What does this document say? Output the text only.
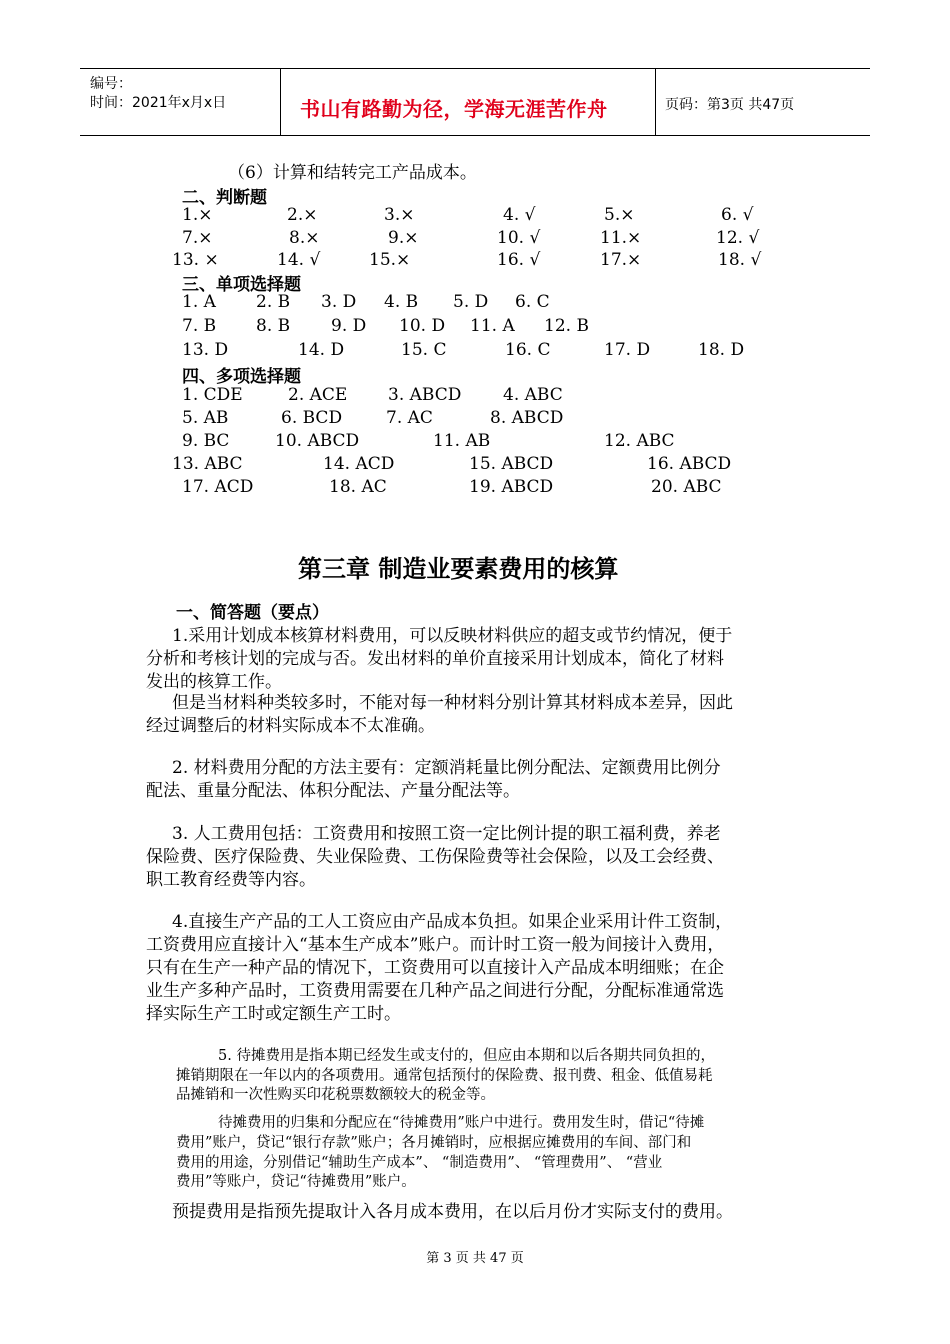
编号：
时间：2021年x月x日	书山有路勤为径，学海无涯苦作舟	页码：第3页 共47页
（6）计算和结转完工产品成本。
二、判断题
1.×	2.×	3.×	4. √	5.×	6. √
7.×	8.×	9.×	10. √	11.×	12. √
13. ×	14. √	15.×	16. √	17.×	18. √
三、单项选择题
1. A 2. B 3. D 4. B 5. D 6. C
7. B 8. B 9. D 10. D 11. A 12. B
13. D	14. D	15. C	16. C	17. D	18. D
四、多项选择题
1. CDE	2. ACE 3. ABCD 4. ABC
5. AB	6. BCD	7. AC	8. ABCD
9. BC	10. ABCD	11. AB	12. ABC
13. ABC	14. ACD	15. ABCD	16. ABCD
17. ACD	18. AC	19. ABCD	20. ABC
第三章 制造业要素费用的核算
一、简答题（要点）
1.采用计划成本核算材料费用，可以反映材料供应的超支或节约情况，便于
分析和考核计划的完成与否。发出材料的单价直接采用计划成本，简化了材料
发出的核算工作。
但是当材料种类较多时，不能对每一种材料分别计算其材料成本差异，因此
经过调整后的材料实际成本不太准确。
2. 材料费用分配的方法主要有：定额消耗量比例分配法、定额费用比例分
配法、重量分配法、体积分配法、产量分配法等。
3. 人工费用包括：工资费用和按照工资一定比例计提的职工福利费，养老
保险费、医疗保险费、失业保险费、工伤保险费等社会保险，以及工会经费、
职工教育经费等内容。
4.直接生产产品的工人工资应由产品成本负担。如果企业采用计件工资制，
工资费用应直接计入“基本生产成本”账户。而计时工资一般为间接计入费用，
只有在生产一种产品的情况下，工资费用可以直接计入产品成本明细账；在企
业生产多种产品时，工资费用需要在几种产品之间进行分配，分配标准通常选
择实际生产工时或定额生产工时。
5. 待摊费用是指本期已经发生或支付的，但应由本期和以后各期共同负担的，
摊销期限在一年以内的各项费用。通常包括预付的保险费、报刊费、租金、低值易耗
品摊销和一次性购买印花税票数额较大的税金等。
待摊费用的归集和分配应在“待摊费用”账户中进行。费用发生时，借记“待摊
费用”账户，贷记“银行存款”账户；各月摊销时，应根据应摊费用的车间、部门和
费用的用途，分别借记“辅助生产成本”、 “制造费用”、 “管理费用”、 “营业
费用”等账户，贷记“待摊费用”账户。
预提费用是指预先提取计入各月成本费用，在以后月份才实际支付的费用。
第 3 页 共 47 页
